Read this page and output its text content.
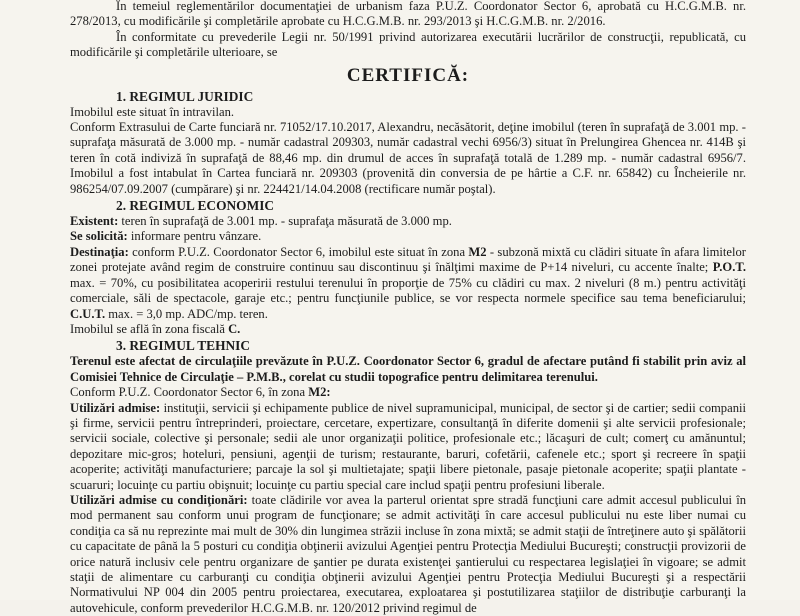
În temeiul reglementărilor documentaţiei de urbanism faza P.U.Z. Coordonator Sector 6, aprobată cu H.C.G.M.B. nr. 278/2013, cu modificările şi completările aprobate cu H.C.G.M.B. nr. 293/2013 şi H.C.G.M.B. nr. 2/2016.

În conformitate cu prevederile Legii nr. 50/1991 privind autorizarea executării lucrărilor de construcţii, republicată, cu modificările şi completările ulterioare, se

CERTIFICĂ:

1. REGIMUL JURIDIC

Imobilul este situat în intravilan.

Conform Extrasului de Carte funciară nr. 71052/17.10.2017, Alexandru, necăsătorit, deţine imobilul (teren în suprafaţă de 3.001 mp. - suprafaţa măsurată de 3.000 mp. - număr cadastral 209303, număr cadastral vechi 6956/3) situat în Prelungirea Ghencea nr. 414B şi teren în cotă indiviză în suprafaţă de 88,46 mp. din drumul de acces în suprafaţă totală de 1.289 mp. - număr cadastral 6956/7. Imobilul a fost intabulat în Cartea funciară nr. 209303 (provenită din conversia de pe hârtie a C.F. nr. 65842) cu Încheierile nr. 986254/07.09.2007 (cumpărare) şi nr. 224421/14.04.2008 (rectificare număr poştal).

2. REGIMUL ECONOMIC

Existent: teren în suprafaţă de 3.001 mp. - suprafaţa măsurată de 3.000 mp.

Se solicită: informare pentru vânzare.

Destinaţia: conform P.U.Z. Coordonator Sector 6, imobilul este situat în zona M2 - subzonă mixtă cu clădiri situate în afara limitelor zonei protejate având regim de construire continuu sau discontinuu şi înălţimi maxime de P+14 niveluri, cu accente înalte; P.O.T. max. = 70%, cu posibilitatea acoperirii restului terenului în proporţie de 75% cu clădiri cu max. 2 niveluri (8 m.) pentru activităţi comerciale, săli de spectacole, garaje etc.; pentru funcţiunile publice, se vor respecta normele specifice sau tema beneficiarului; C.U.T. max. = 3,0 mp. ADC/mp. teren.

Imobilul se află în zona fiscală C.

3. REGIMUL TEHNIC

Terenul este afectat de circulaţiile prevăzute în P.U.Z. Coordonator Sector 6, gradul de afectare putând fi stabilit prin aviz al Comisiei Tehnice de Circulaţie – P.M.B., corelat cu studii topografice pentru delimitarea terenului.

Conform P.U.Z. Coordonator Sector 6, în zona M2:

Utilizări admise: instituţii, servicii şi echipamente publice de nivel supramunicipal, municipal, de sector şi de cartier; sedii companii şi firme, servicii pentru întreprinderi, proiectare, cercetare, expertizare, consultanţă în diferite domenii şi alte servicii profesionale; servicii sociale, colective şi personale; sedii ale unor organizaţii politice, profesionale etc.; lăcaşuri de cult; comerţ cu amănuntul; depozitare mic-gros; hoteluri, pensiuni, agenţii de turism; restaurante, baruri, cofetării, cafenele etc.; sport şi recreere în spaţii acoperite; activităţi manufacturiere; parcaje la sol şi multietajate; spaţii libere pietonale, pasaje pietonale acoperite; spaţii plantate - scuaruri; locuinţe cu partiu obişnuit; locuinţe cu partiu special care includ spaţii pentru profesiuni liberale.

Utilizări admise cu condiţionări: toate clădirile vor avea la parterul orientat spre stradă funcţiuni care admit accesul publicului în mod permanent sau conform unui program de funcţionare; se admit activităţi în care accesul publicului nu este liber numai cu condiţia ca să nu reprezinte mai mult de 30% din lungimea străzii incluse în zona mixtă; se admit staţii de întreţinere auto şi spălătorii cu capacitate de până la 5 posturi cu condiţia obţinerii avizului Agenţiei pentru Protecţia Mediului Bucureşti; construcţii provizorii de orice natură inclusiv cele pentru organizare de şantier pe durata existenţei şantierului cu respectarea legislaţiei în vigoare; se admit staţii de alimentare cu carburanţi cu condiţia obţinerii avizului Agenţiei pentru Protecţia Mediului Bucureşti şi a respectării Normativului NP 004 din 2005 pentru proiectarea, executarea, exploatarea şi postutilizarea staţiilor de distribuţie carburanţi la autovehicule, conform prevederilor H.C.G.M.B. nr. 120/2012 privind regimul de
